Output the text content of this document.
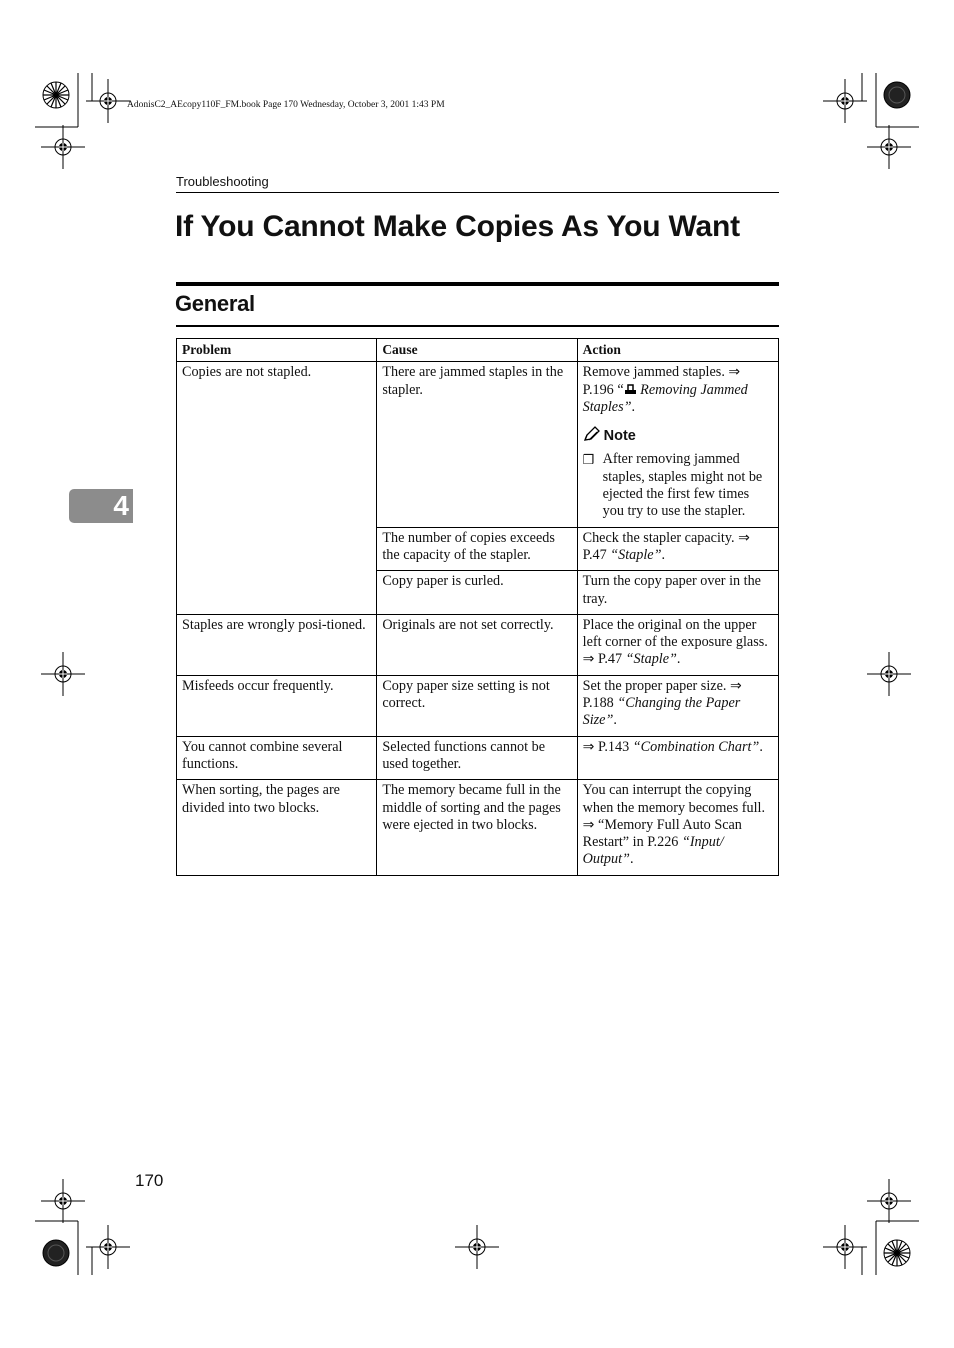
AdonisC2_AEcopy110F_FM.book Page 170 Wednesday, October 3, 2001 1:43 PM
Troubleshooting
If You Cannot Make Copies As You Want
General
4
Problem	Cause	Action
Copies are not stapled.	There are jammed staples in the stapler.	Remove jammed staples. ⇒ P.196 “ Removing Jammed Staples”.
Note
❒ After removing jammed staples, staples might not be ejected the first few times you try to use the stapler.

	The number of copies exceeds the capacity of the stapler.	Check the stapler capacity. ⇒ P.47 “Staple”.
	Copy paper is curled.	Turn the copy paper over in the tray.
Staples are wrongly posi-tioned.	Originals are not set correctly.	Place the original on the upper left corner of the exposure glass. ⇒ P.47 “Staple”.
Misfeeds occur frequently.	Copy paper size setting is not correct.	Set the proper paper size. ⇒ P.188 “Changing the Paper Size”.
You cannot combine several functions.	Selected functions cannot be used together.	⇒ P.143 “Combination Chart”.
When sorting, the pages are divided into two blocks.	The memory became full in the middle of sorting and the pages were ejected in two blocks.	You can interrupt the copying when the memory becomes full. ⇒ “Memory Full Auto Scan Restart” in P.226 “Input/ Output”.
170
